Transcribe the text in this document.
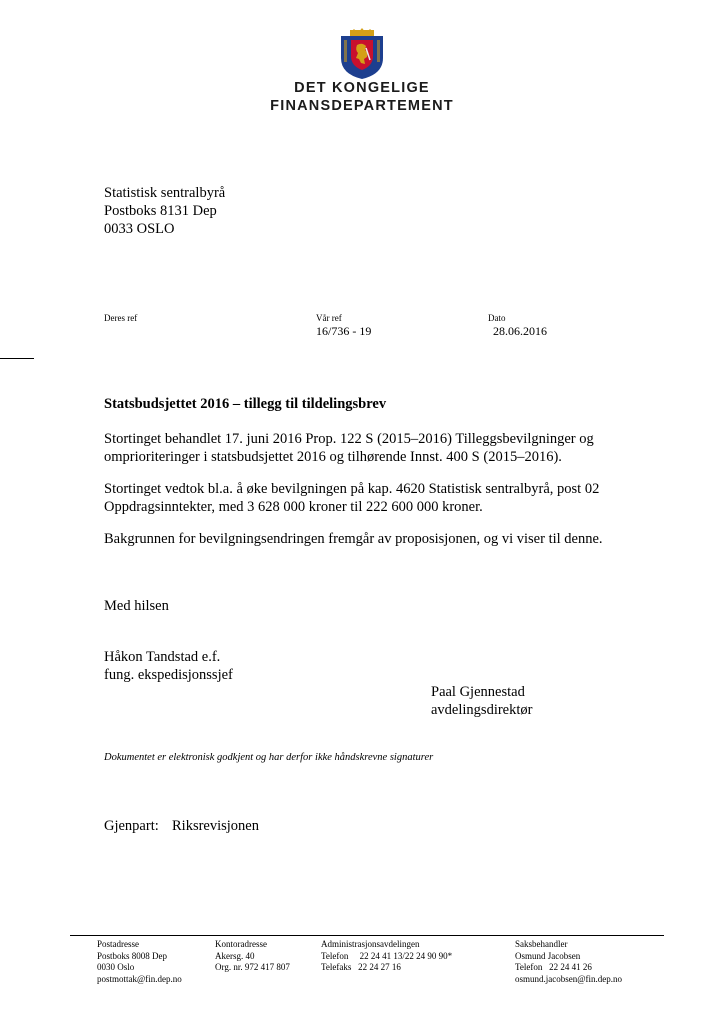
DET KONGELIGE
FINANSDEPARTEMENT
Statistisk sentralbyrå
Postboks 8131 Dep
0033 OSLO
Deres ref	Vår ref
16/736 - 19
Dato
28.06.2016
Statsbudsjettet 2016 – tillegg til tildelingsbrev
Stortinget behandlet 17. juni 2016 Prop. 122 S (2015–2016) Tilleggsbevilgninger og
omprioriteringer i statsbudsjettet 2016 og tilhørende Innst. 400 S (2015–2016).
Stortinget vedtok bl.a. å øke bevilgningen på kap. 4620 Statistisk sentralbyrå, post 02
Oppdragsinntekter, med 3 628 000 kroner til 222 600 000 kroner.
Bakgrunnen for bevilgningsendringen fremgår av proposisjonen, og vi viser til denne.
Med hilsen
Håkon Tandstad e.f.
fung. ekspedisjonssjef
Paal Gjennestad
avdelingsdirektør
Dokumentet er elektronisk godkjent og har derfor ikke håndskrevne signaturer
Gjenpart: Riksrevisjonen
Postadresse
Postboks 8008 Dep
0030 Oslo
postmottak@fin.dep.no
Kontoradresse
Akersg. 40
Org. nr. 972 417 807
Administrasjonsavdelingen
Telefon     22 24 41 13/22 24 90 90*
Telefaks   22 24 27 16
Saksbehandler
Osmund Jacobsen
Telefon   22 24 41 26
osmund.jacobsen@fin.dep.no
